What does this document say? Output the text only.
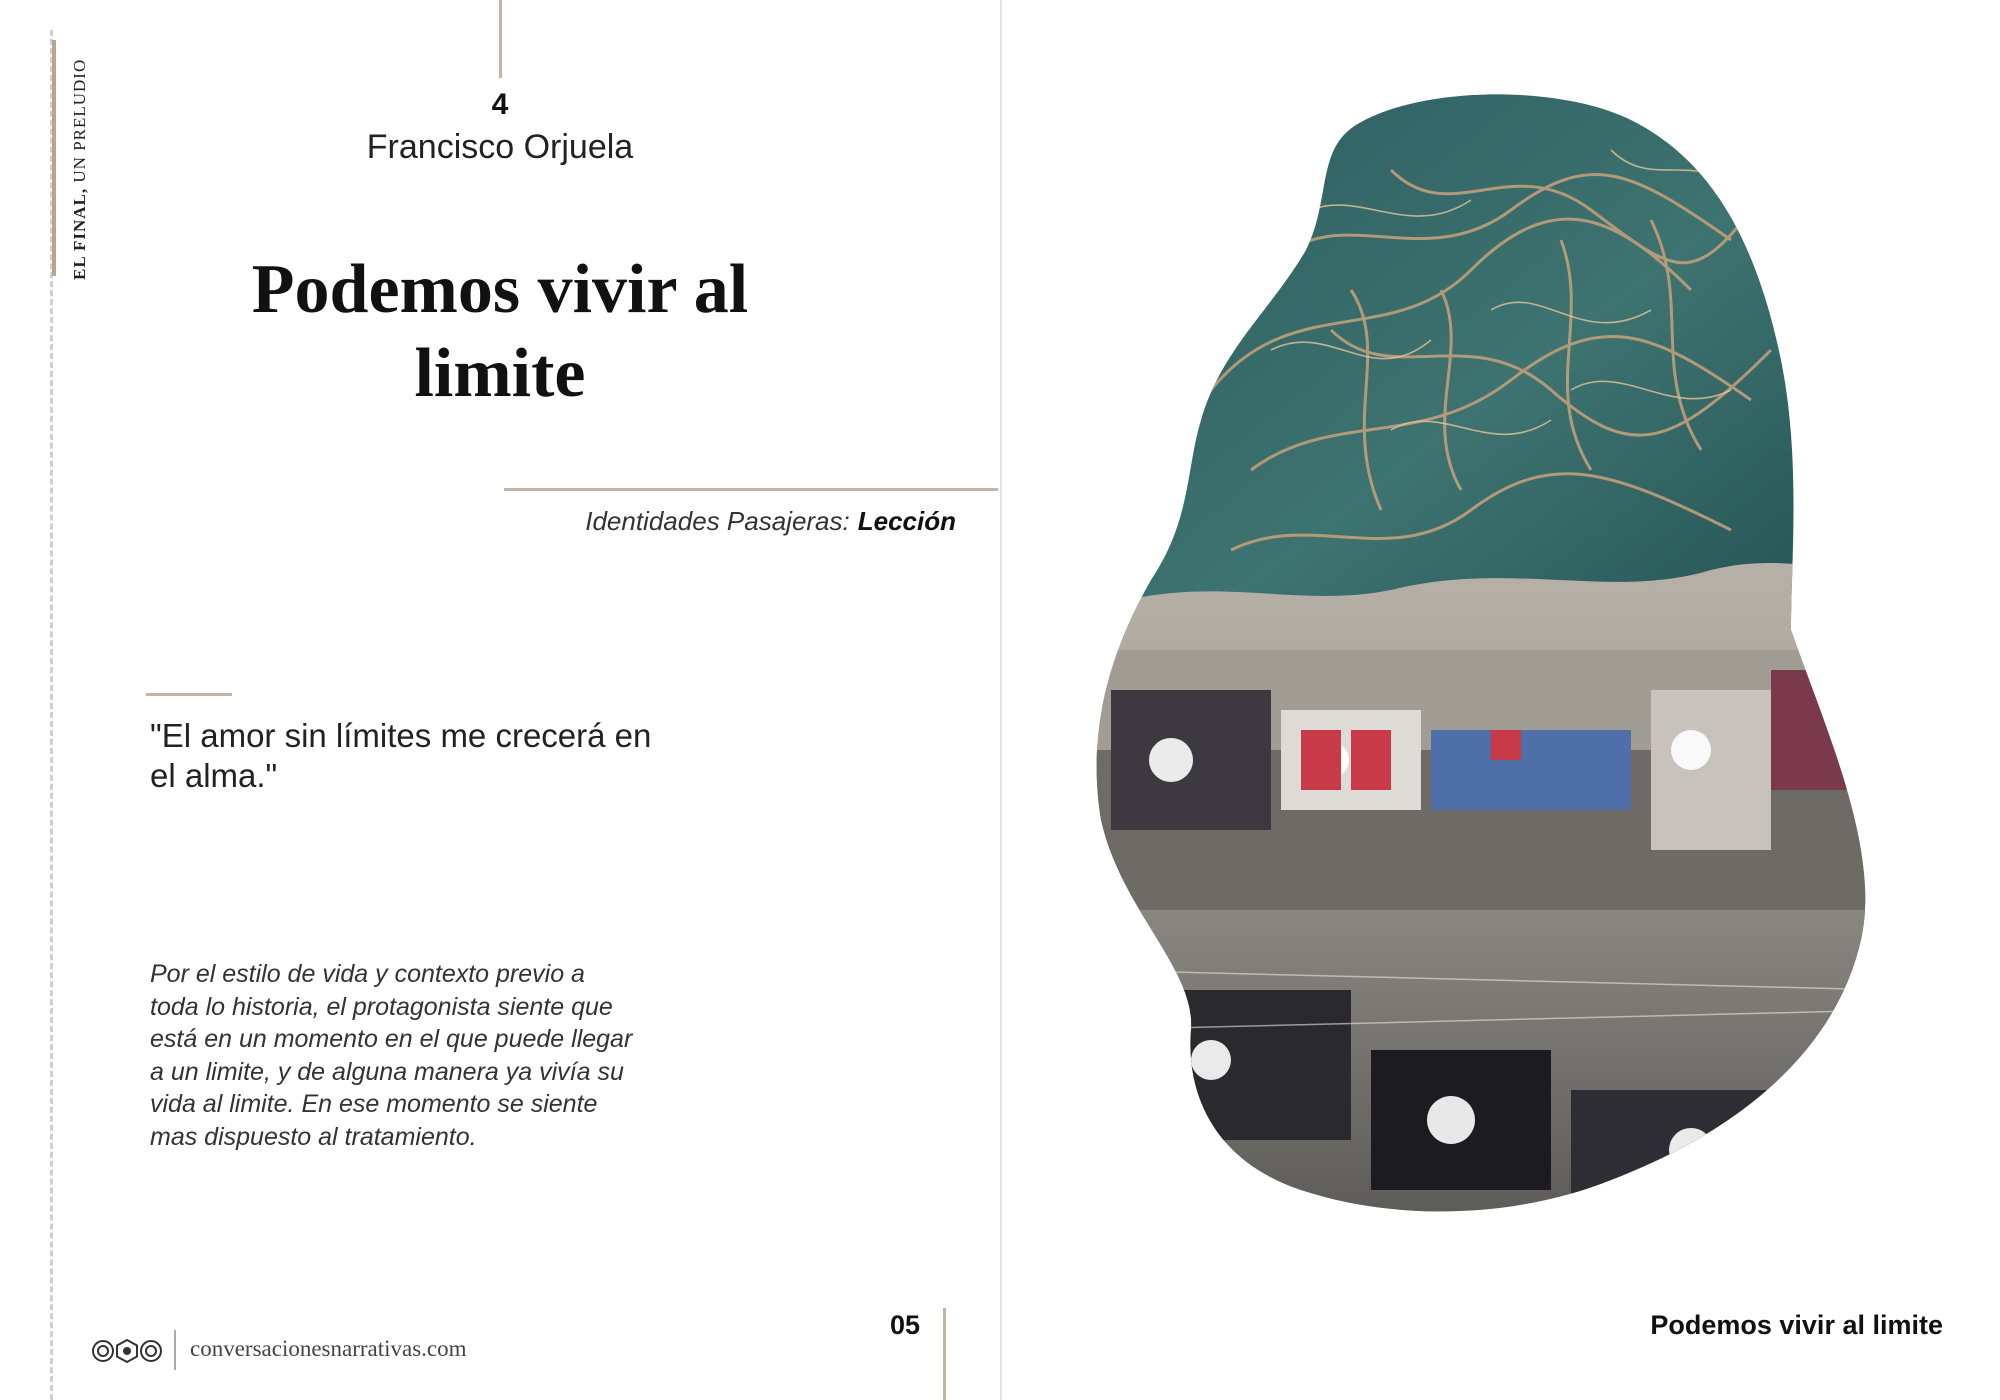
EL FINAL, UN PRELUDIO	4
Francisco Orjuela
Podemos vivir al
limite
Identidades Pasajeras: Lección
"El amor sin límites me crecerá en el alma."
Por el estilo de vida y contexto previo a toda lo historia, el protagonista siente que está en un momento en el que puede llegar a un limite, y de alguna manera ya vivía su vida al limite. En ese momento se siente mas dispuesto al tratamiento.
conversacionesnarrativas.com
05	Podemos vivir al limite
